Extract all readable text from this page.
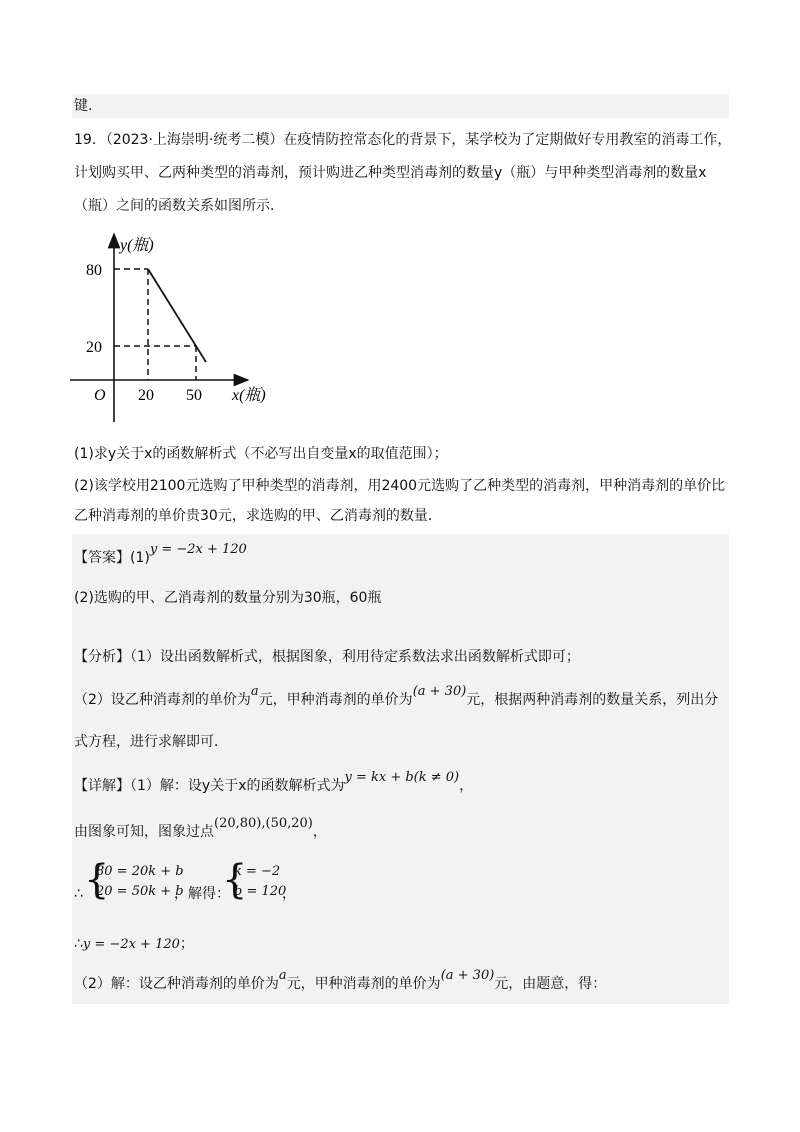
键.
19．（2023·上海崇明·统考二模）在疫情防控常态化的背景下，某学校为了定期做好专用教室的消毒工作，
计划购买甲、乙两种类型的消毒剂，预计购进乙种类型消毒剂的数量y（瓶）与甲种类型消毒剂的数量x
（瓶）之间的函数关系如图所示．
y(瓶)
x(瓶)
O
80
20
20 50
(1)求y关于x的函数解析式（不必写出自变量x的取值范围）；
(2)该学校用2100元选购了甲种类型的消毒剂，用2400元选购了乙种类型的消毒剂，甲种消毒剂的单价比
乙种消毒剂的单价贵30元，求选购的甲、乙消毒剂的数量．
【答案】(1)y = −2x + 120
(2)选购的甲、乙消毒剂的数量分别为30瓶，60瓶
【分析】（1）设出函数解析式，根据图象，利用待定系数法求出函数解析式即可；
（2）设乙种消毒剂的单价为a元，甲种消毒剂的单价为(a + 30)元，根据两种消毒剂的数量关系，列出分
式方程，进行求解即可．
【详解】（1）解：设y关于x的函数解析式为y = kx + b(k ≠ 0)，
由图象可知，图象过点(20,80),(50,20)，
∴ {
80 = 20k + b
20 = 50k + b
，解得：
{
k = −2
b = 120
，
∴y = −2x + 120；
（2）解：设乙种消毒剂的单价为a元，甲种消毒剂的单价为(a + 30)元，由题意，得：
